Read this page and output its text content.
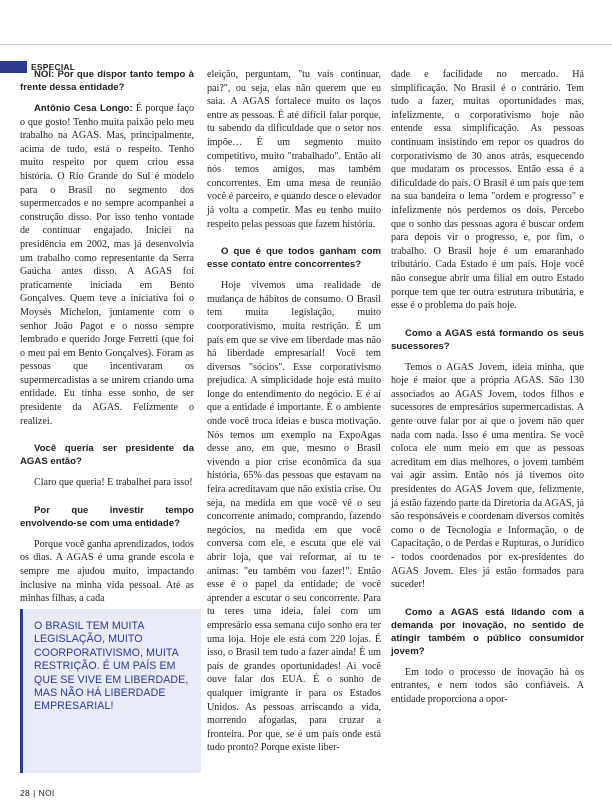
ESPECIAL

NOI: Por que dispor tanto tempo à frente dessa entidade?

Antônio Cesa Longo: É porque faço o que gosto! Tenho muita paixão pelo meu trabalho na AGAS. Mas, principalmente, acima de tudo, está o respeito. Tenho muito respeito por quem criou essa história. O Rio Grande do Sul é modelo para o Brasil no segmento dos supermercados e no sempre acompanhei a construção disso. Por isso tenho vontade de continuar engajado. Iniciei na presidência em 2002, mas já desenvolvia um trabalho como representante da Serra Gaúcha antes disso. A AGAS foi praticamente iniciada em Bento Gonçalves. Quem teve a iniciativa foi o Moysés Michelon, juntamente com o senhor João Pagot e o nosso sempre lembrado e querido Jorge Ferretti (que foi o meu pai em Bento Gonçalves). Foram as pessoas que incentivaram os supermercadistas a se unirem criando uma entidade. Eu tinha esse sonho, de ser presidente da AGAS. Felizmente o realizei.

Você queria ser presidente da AGAS então?

Claro que queria! E trabalhei para isso!

Por que investir tempo envolvendo-se com uma entidade?

Porque você ganha aprendizados, todos os dias. A AGAS é uma grande escola e sempre me ajudou muito, impactando inclusive na minha vida pessoal. Até as minhas filhas, a cada

eleição, perguntam, "tu vais continuar, pai?", ou seja, elas não querem que eu saia. A AGAS fortalece muito os laços entre as pessoas. É até difícil falar porque, tu sabendo da dificuldade que o setor nos impõe… É um segmento muito competitivo, muito "trabalhado". Então ali nós temos amigos, mas também concorrentes. Em uma mesa de reunião você é parceiro, e quando desce o elevador já volta a competir. Mas eu tenho muito respeito pelas pessoas que fazem história.

O que é que todos ganham com esse contato entre concorrentes?

Hoje vivemos uma realidade de mudança de hábitos de consumo. O Brasil tem muita legislação, muito coorporativismo, muita restrição. É um país em que se vive em liberdade mas não há liberdade empresarial! Você tem diversos "sócios". Esse corporativismo prejudica. A simplicidade hoje está muito longe do entendimento do negócio. E é aí que a entidade é importante. É o ambiente onde você troca ideias e busca motivação. Nós temos um exemplo na ExpoAgas desse ano, em que, mesmo o Brasil vivendo a pior crise econômica da sua história, 65% das pessoas que estavam na feira acreditavam que não existia crise. Ou seja, na medida em que você vê o seu concorrente animado, comprando, fazendo negócios, na medida em que você conversa com ele, e escuta que ele vai abrir loja, que vai reformar, aí tu te animas: "eu também vou fazer!". Então esse é o papel da entidade; de você aprender a escutar o seu concorrente. Para tu teres uma ideia, falei com um empresário essa semana cujo sonho era ter uma loja. Hoje ele está com 220 lojas. É isso, o Brasil tem tudo a fazer ainda! É um país de grandes oportunidades! Ai você ouve falar dos EUA. É o sonho de qualquer imigrante ir para os Estados Unidos. As pessoas arriscando a vida, morrendo afogadas, para cruzar a fronteira. Por que, se é um país onde está tudo pronto? Porque existe liber-

dade e facilidade no mercado. Há simplificação. No Brasil é o contrário. Tem tudo a fazer, muitas oportunidades mas, infelizmente, o corporativismo hoje não entende essa simplificação. As pessoas continuam insistindo em repor os quadros do corporativismo de 30 anos atrás, esquecendo que mudaram os processos. Então essa é a dificuldade do país. O Brasil é um país que tem na sua bandeira o lema "ordem e progresso" e infelizmente nós perdemos os dois. Percebo que o sonho das pessoas agora é buscar ordem para depois vir o progresso, e, por fim, o trabalho. O Brasil hoje é um emaranhado tributário. Cada Estado é um país. Hoje você não consegue abrir uma filial em outro Estado porque tem que ter outra estrutura tributária, e esse é o problema do país hoje.

Como a AGAS está formando os seus sucessores?

Temos o AGAS Jovem, ideia minha, que hoje é maior que a própria AGAS. São 130 associados ao AGAS Jovem, todos filhos e sucessores de empresários supermercadistas. A gente ouve falar por aí que o jovem não quer nada com nada. Isso é uma mentira. Se você coloca ele num meio em que as pessoas acreditam em dias melhores, o jovem também vai agir assim. Então nós já tivemos oito presidentes do AGAS Jovem que, felizmente, já estão fazendo parte da Diretoria da AGAS, já são responsáveis e coordenam diversos comitês como o de Tecnologia e Informação, o de Capacitação, o de Perdas e Rupturas, o Jurídico - todos coordenados por ex-presidentes do AGAS Jovem. Eles já estão formados para suceder!

Como a AGAS está lidando com a demanda por inovação, no sentido de atingir também o público consumidor jovem?

Em todo o processo de inovação há os entrantes, e nem todos são confiáveis. A entidade proporciona a opor-

O BRASIL TEM MUITA LEGISLAÇÃO, MUITO COORPORATIVISMO, MUITA RESTRIÇÃO. É UM PAÍS EM QUE SE VIVE EM LIBERDADE, MAS NÃO HÁ LIBERDADE EMPRESARIAL!
28 | NOI
